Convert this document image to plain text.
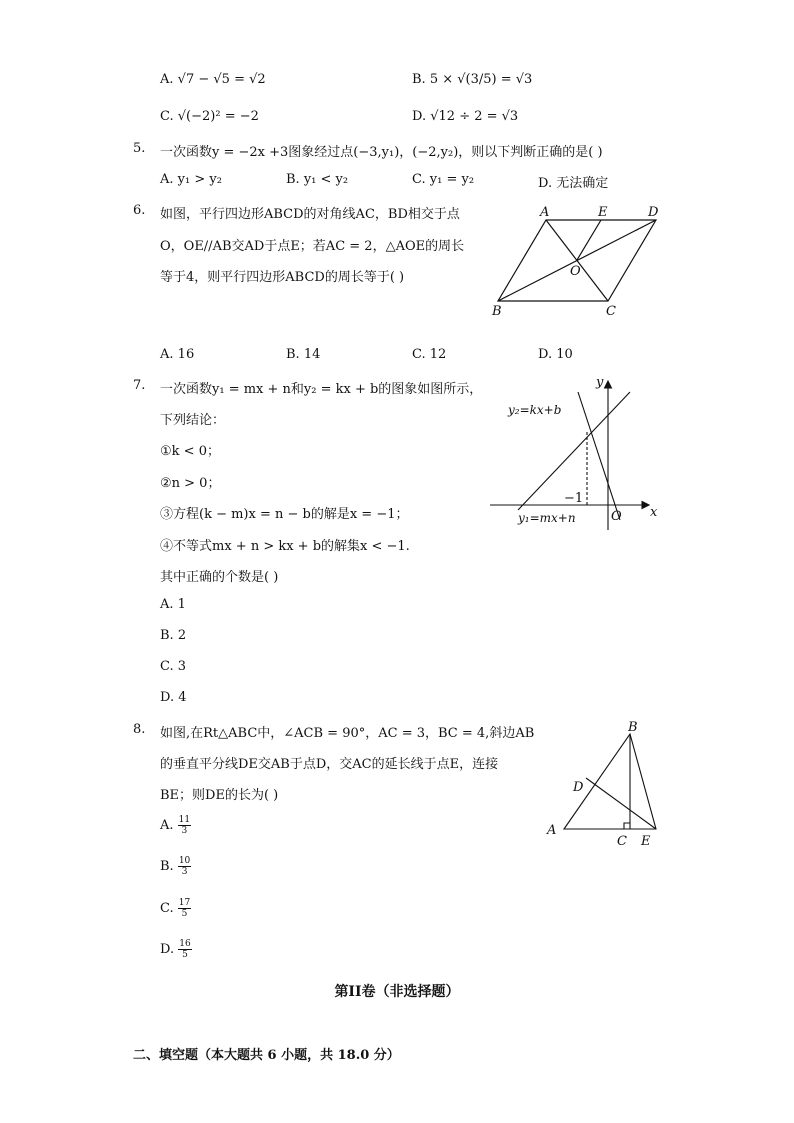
A. √7 − √5 = √2	B. 5 × √(3/5) = √3
C. √(−2)² = −2	D. √12 ÷ 2 = √3
5. 一次函数y = −2x +3图象经过点(−3,y₁)，(−2,y₂)，则以下判断正确的是( )
A. y₁ > y₂	B. y₁ < y₂	C. y₁ = y₂	D. 无法确定
6. 如图，平行四边形ABCD的对角线AC，BD相交于点
O，OE//AB交AD于点E；若AC = 2，△AOE的周长
等于4，则平行四边形ABCD的周长等于( )
A	E	D
O
B	C
A. 16	B. 14	C. 12	D. 10
7. 一次函数y₁ = mx + n和y₂ = kx + b的图象如图所示，
下列结论：
①k < 0；
②n > 0；
③方程(k − m)x = n − b的解是x = −1；
④不等式mx + n > kx + b的解集x < −1.
其中正确的个数是( )
y
x
O
−1
y₂=kx+b
y₁=mx+n
A. 1
B. 2
C. 3
D. 4
8. 如图,在Rt△ABC中，∠ACB = 90°，AC = 3，BC = 4,斜边AB
的垂直平分线DE交AB于点D，交AC的延长线于点E，连接
BE；则DE的长为( )
B
D
A
C E
A. $\frac{11}{3}$
B. $\frac{10}{3}$
C. $\frac{17}{5}$
D. $\frac{16}{5}$
第II卷（非选择题）
二、填空题（本大题共 6 小题，共 18.0 分）
